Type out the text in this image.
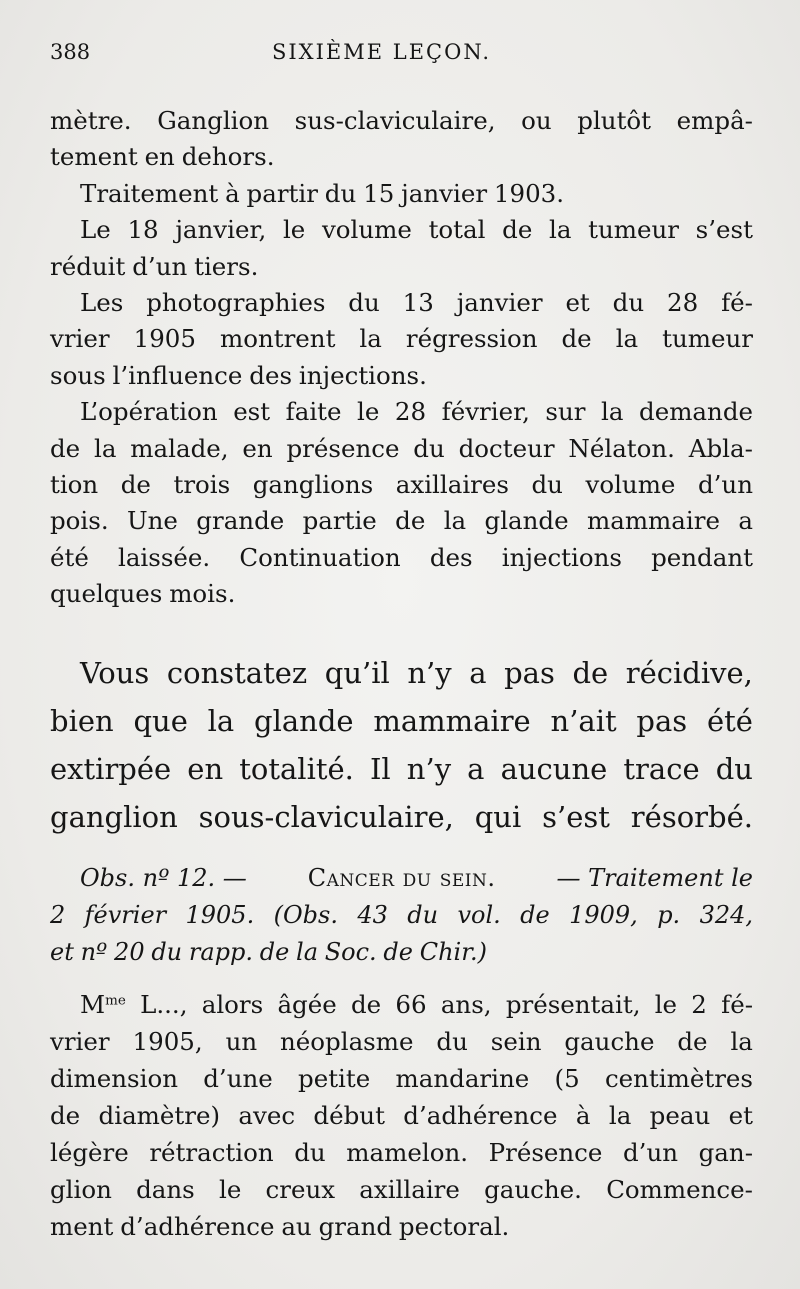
388	SIXIÈME LEÇON.
mètre. Ganglion sus-claviculaire, ou plutôt empâ-
tement en dehors.
Traitement à partir du 15 janvier 1903.
Le 18 janvier, le volume total de la tumeur s’est
réduit d’un tiers.
Les photographies du 13 janvier et du 28 fé-
vrier 1905 montrent la régression de la tumeur
sous l’influence des injections.
L’opération est faite le 28 février, sur la demande
de la malade, en présence du docteur Nélaton. Abla-
tion de trois ganglions axillaires du volume d’un
pois. Une grande partie de la glande mammaire a
été laissée. Continuation des injections pendant
quelques mois.
Vous constatez qu’il n’y a pas de récidive,
bien que la glande mammaire n’ait pas été
extirpée en totalité. Il n’y a aucune trace du
ganglion sous-claviculaire, qui s’est résorbé.
Obs. nº 12. —	Cancer du sein.	— Traitement le
2 février 1905. (Obs. 43 du vol. de 1909, p. 324,
et nº 20 du rapp. de la Soc. de Chir.)
$M^{me}$ L..., alors âgée de 66 ans, présentait, le 2 fé-
vrier 1905, un néoplasme du sein gauche de la
dimension d’une petite mandarine (5 centimètres
de diamètre) avec début d’adhérence à la peau et
légère rétraction du mamelon. Présence d’un gan-
glion dans le creux axillaire gauche. Commence-
ment d’adhérence au grand pectoral.
